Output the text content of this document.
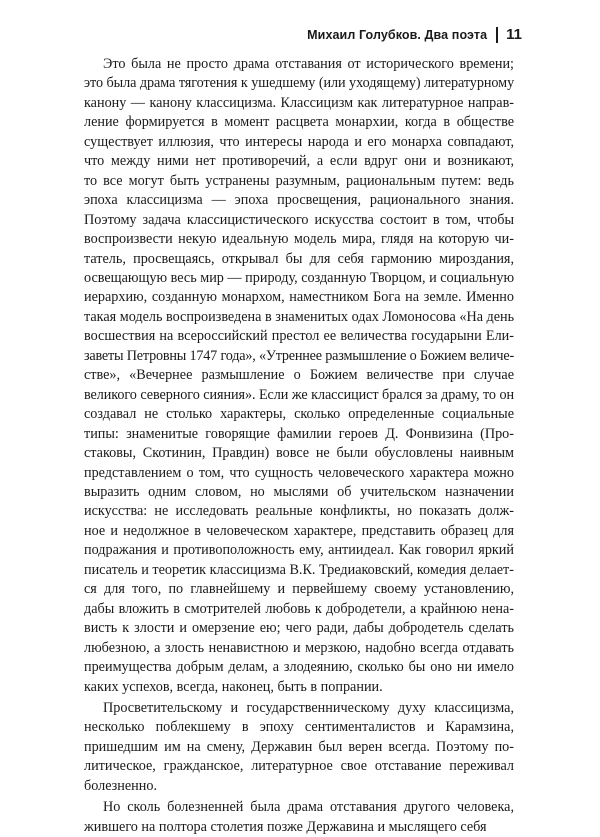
Михаил Голубков. Два поэта 11

Это была не просто драма отставания от исторического времени;
это была драма тяготения к ушедшему (или уходящему) литературному
канону — канону классицизма. Классицизм как литературное направ-
ление формируется в момент расцвета монархии, когда в обществе
существует иллюзия, что интересы народа и его монарха совпадают,
что между ними нет противоречий, а если вдруг они и возникают,
то все могут быть устранены разумным, рациональным путем: ведь
эпоха классицизма — эпоха просвещения, рационального знания.
Поэтому задача классицистического искусства состоит в том, чтобы
воспроизвести некую идеальную модель мира, глядя на которую чи-
татель, просвещаясь, открывал бы для себя гармонию мироздания,
освещающую весь мир — природу, созданную Творцом, и социальную
иерархию, созданную монархом, наместником Бога на земле. Именно
такая модель воспроизведена в знаменитых одах Ломоносова «На день
восшествия на всероссийский престол ее величества государыни Ели-
заветы Петровны 1747 года», «Утреннее размышление о Божием величе-
стве», «Вечернее размышление о Божием величестве при случае
великого северного сияния». Если же классицист брался за драму, то он
создавал не столько характеры, сколько определенные социальные
типы: знаменитые говорящие фамилии героев Д. Фонвизина (Про-
стаковы, Скотинин, Правдин) вовсе не были обусловлены наивным
представлением о том, что сущность человеческого характера можно
выразить одним словом, но мыслями об учительском назначении
искусства: не исследовать реальные конфликты, но показать долж-
ное и недолжное в человеческом характере, представить образец для
подражания и противоположность ему, антиидеал. Как говорил яркий
писатель и теоретик классицизма В.К. Тредиаковский, комедия делает-
ся для того, по главнейшему и первейшему своему установлению,
дабы вложить в смотрителей любовь к добродетели, а крайнюю нена-
висть к злости и омерзение ею; чего ради, дабы добродетель сделать
любезною, а злость ненавистною и мерзкою, надобно всегда отдавать
преимущества добрым делам, а злодеянию, сколько бы оно ни имело
каких успехов, всегда, наконец, быть в попрании.

Просветительскому и государственническому духу классицизма,
несколько поблекшему в эпоху сентименталистов и Карамзина,
пришедшим им на смену, Державин был верен всегда. Поэтому по-
литическое, гражданское, литературное свое отставание переживал
болезненно.

Но сколь болезненней была драма отставания другого человека,
жившего на полтора столетия позже Державина и мыслящего себя
